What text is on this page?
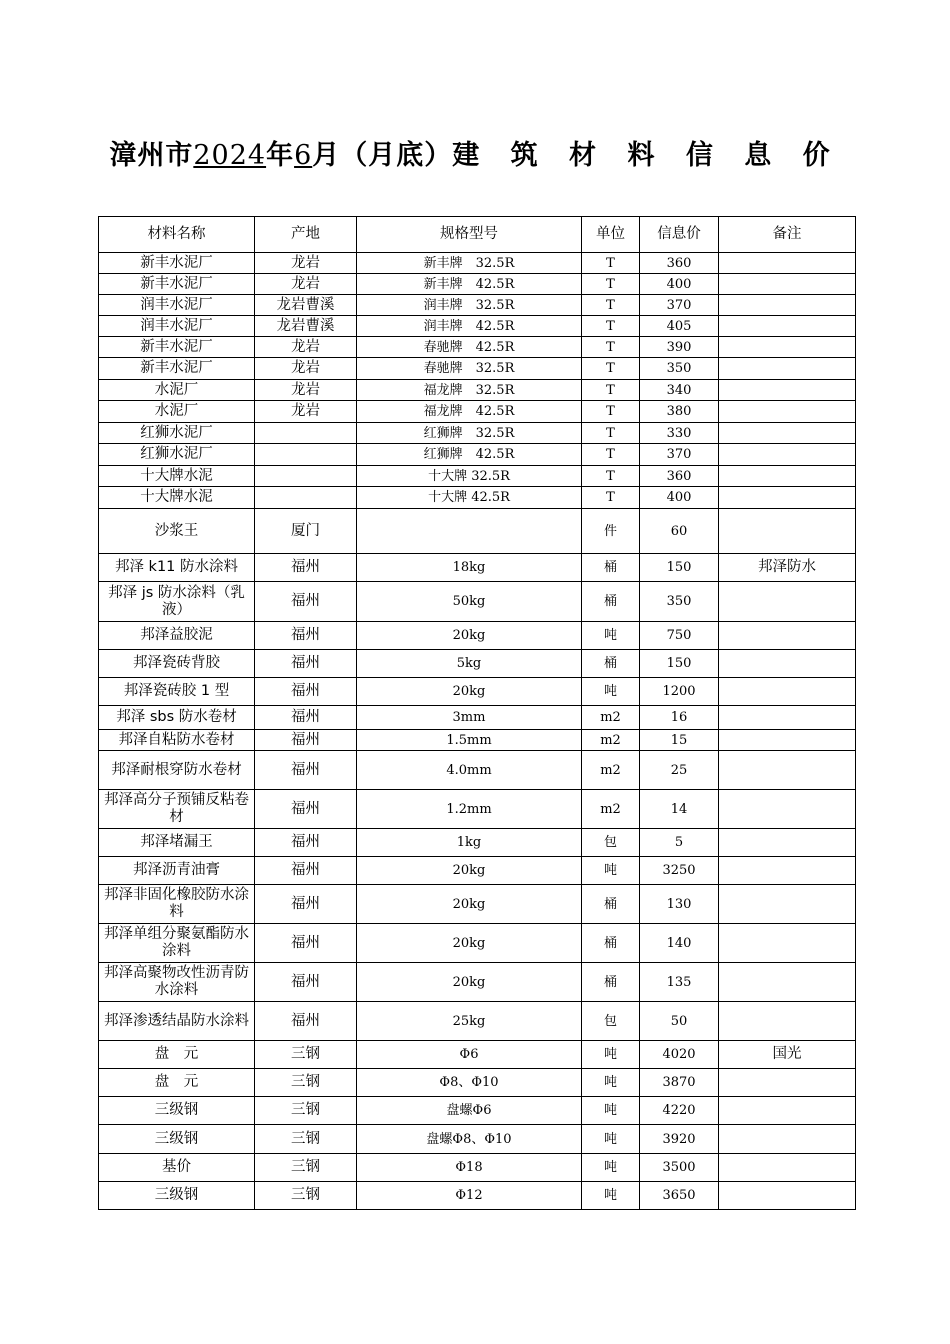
漳州市2024年6月（月底）建 筑 材 料 信 息 价
材料名称	产地	规格型号	单位	信息价	备注
新丰水泥厂	龙岩	新丰牌　32.5R	T	360	
新丰水泥厂	龙岩	新丰牌　42.5R	T	400	
润丰水泥厂	龙岩曹溪	润丰牌　32.5R	T	370	
润丰水泥厂	龙岩曹溪	润丰牌　42.5R	T	405	
新丰水泥厂	龙岩	春驰牌　42.5R	T	390	
新丰水泥厂	龙岩	春驰牌　32.5R	T	350	
水泥厂	龙岩	福龙牌　32.5R	T	340	
水泥厂	龙岩	福龙牌　42.5R	T	380	
红狮水泥厂		红狮牌　32.5R	T	330	
红狮水泥厂		红狮牌　42.5R	T	370	
十大牌水泥		十大牌 32.5R	T	360	
十大牌水泥		十大牌 42.5R	T	400	
沙浆王	厦门		件	60	
邦泽 k11 防水涂料	福州	18kg	桶	150	邦泽防水
邦泽 js 防水涂料（乳液）	福州	50kg	桶	350	
邦泽益胶泥	福州	20kg	吨	750	
邦泽瓷砖背胶	福州	5kg	桶	150	
邦泽瓷砖胶 1 型	福州	20kg	吨	1200	
邦泽 sbs 防水卷材	福州	3mm	m2	16	
邦泽自粘防水卷材	福州	1.5mm	m2	15	
邦泽耐根穿防水卷材	福州	4.0mm	m2	25	
邦泽高分子预铺反粘卷材	福州	1.2mm	m2	14	
邦泽堵漏王	福州	1kg	包	5	
邦泽沥青油膏	福州	20kg	吨	3250	
邦泽非固化橡胶防水涂料	福州	20kg	桶	130	
邦泽单组分聚氨酯防水涂料	福州	20kg	桶	140	
邦泽高聚物改性沥青防水涂料	福州	20kg	桶	135	
邦泽渗透结晶防水涂料	福州	25kg	包	50	
盘　元	三钢	Φ6	吨	4020	国光
盘　元	三钢	Φ8、Φ10	吨	3870	
三级钢	三钢	盘螺Φ6	吨	4220	
三级钢	三钢	盘螺Φ8、Φ10	吨	3920	
基价	三钢	Φ18	吨	3500	
三级钢	三钢	Φ12	吨	3650	
